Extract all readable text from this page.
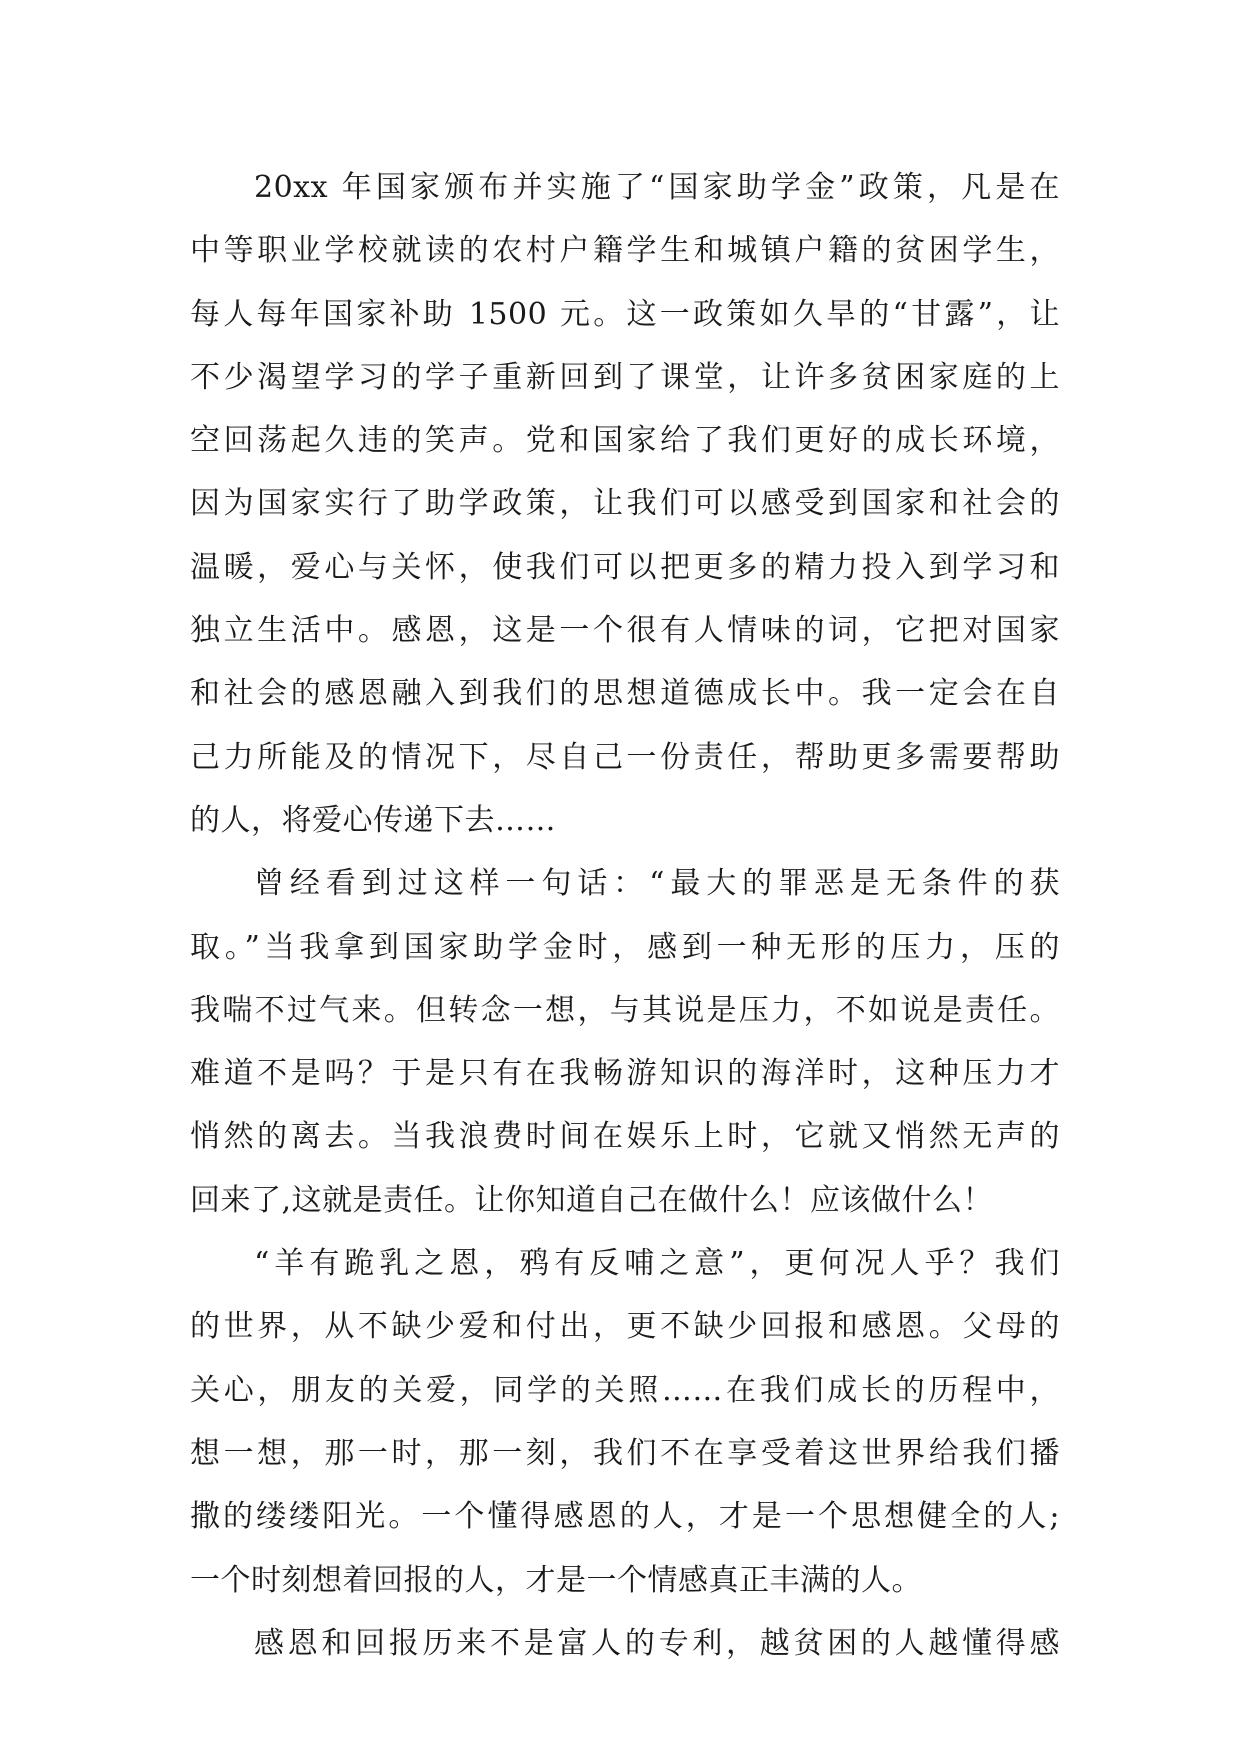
20xx 年国家颁布并实施了“国家助学金”政策，凡是在
中等职业学校就读的农村户籍学生和城镇户籍的贫困学生，
每人每年国家补助 1500 元。这一政策如久旱的“甘露”，让
不少渴望学习的学子重新回到了课堂，让许多贫困家庭的上
空回荡起久违的笑声。党和国家给了我们更好的成长环境，
因为国家实行了助学政策，让我们可以感受到国家和社会的
温暖，爱心与关怀，使我们可以把更多的精力投入到学习和
独立生活中。感恩，这是一个很有人情味的词，它把对国家
和社会的感恩融入到我们的思想道德成长中。我一定会在自
己力所能及的情况下，尽自己一份责任，帮助更多需要帮助
的人，将爱心传递下去……
曾经看到过这样一句话：“最大的罪恶是无条件的获
取。”当我拿到国家助学金时，感到一种无形的压力，压的
我喘不过气来。但转念一想，与其说是压力，不如说是责任。
难道不是吗？于是只有在我畅游知识的海洋时，这种压力才
悄然的离去。当我浪费时间在娱乐上时，它就又悄然无声的
回来了,这就是责任。让你知道自己在做什么！应该做什么！
“羊有跪乳之恩，鸦有反哺之意”，更何况人乎？我们
的世界，从不缺少爱和付出，更不缺少回报和感恩。父母的
关心，朋友的关爱，同学的关照……在我们成长的历程中，
想一想，那一时，那一刻，我们不在享受着这世界给我们播
撒的缕缕阳光。一个懂得感恩的人，才是一个思想健全的人;
一个时刻想着回报的人，才是一个情感真正丰满的人。
感恩和回报历来不是富人的专利，越贫困的人越懂得感
